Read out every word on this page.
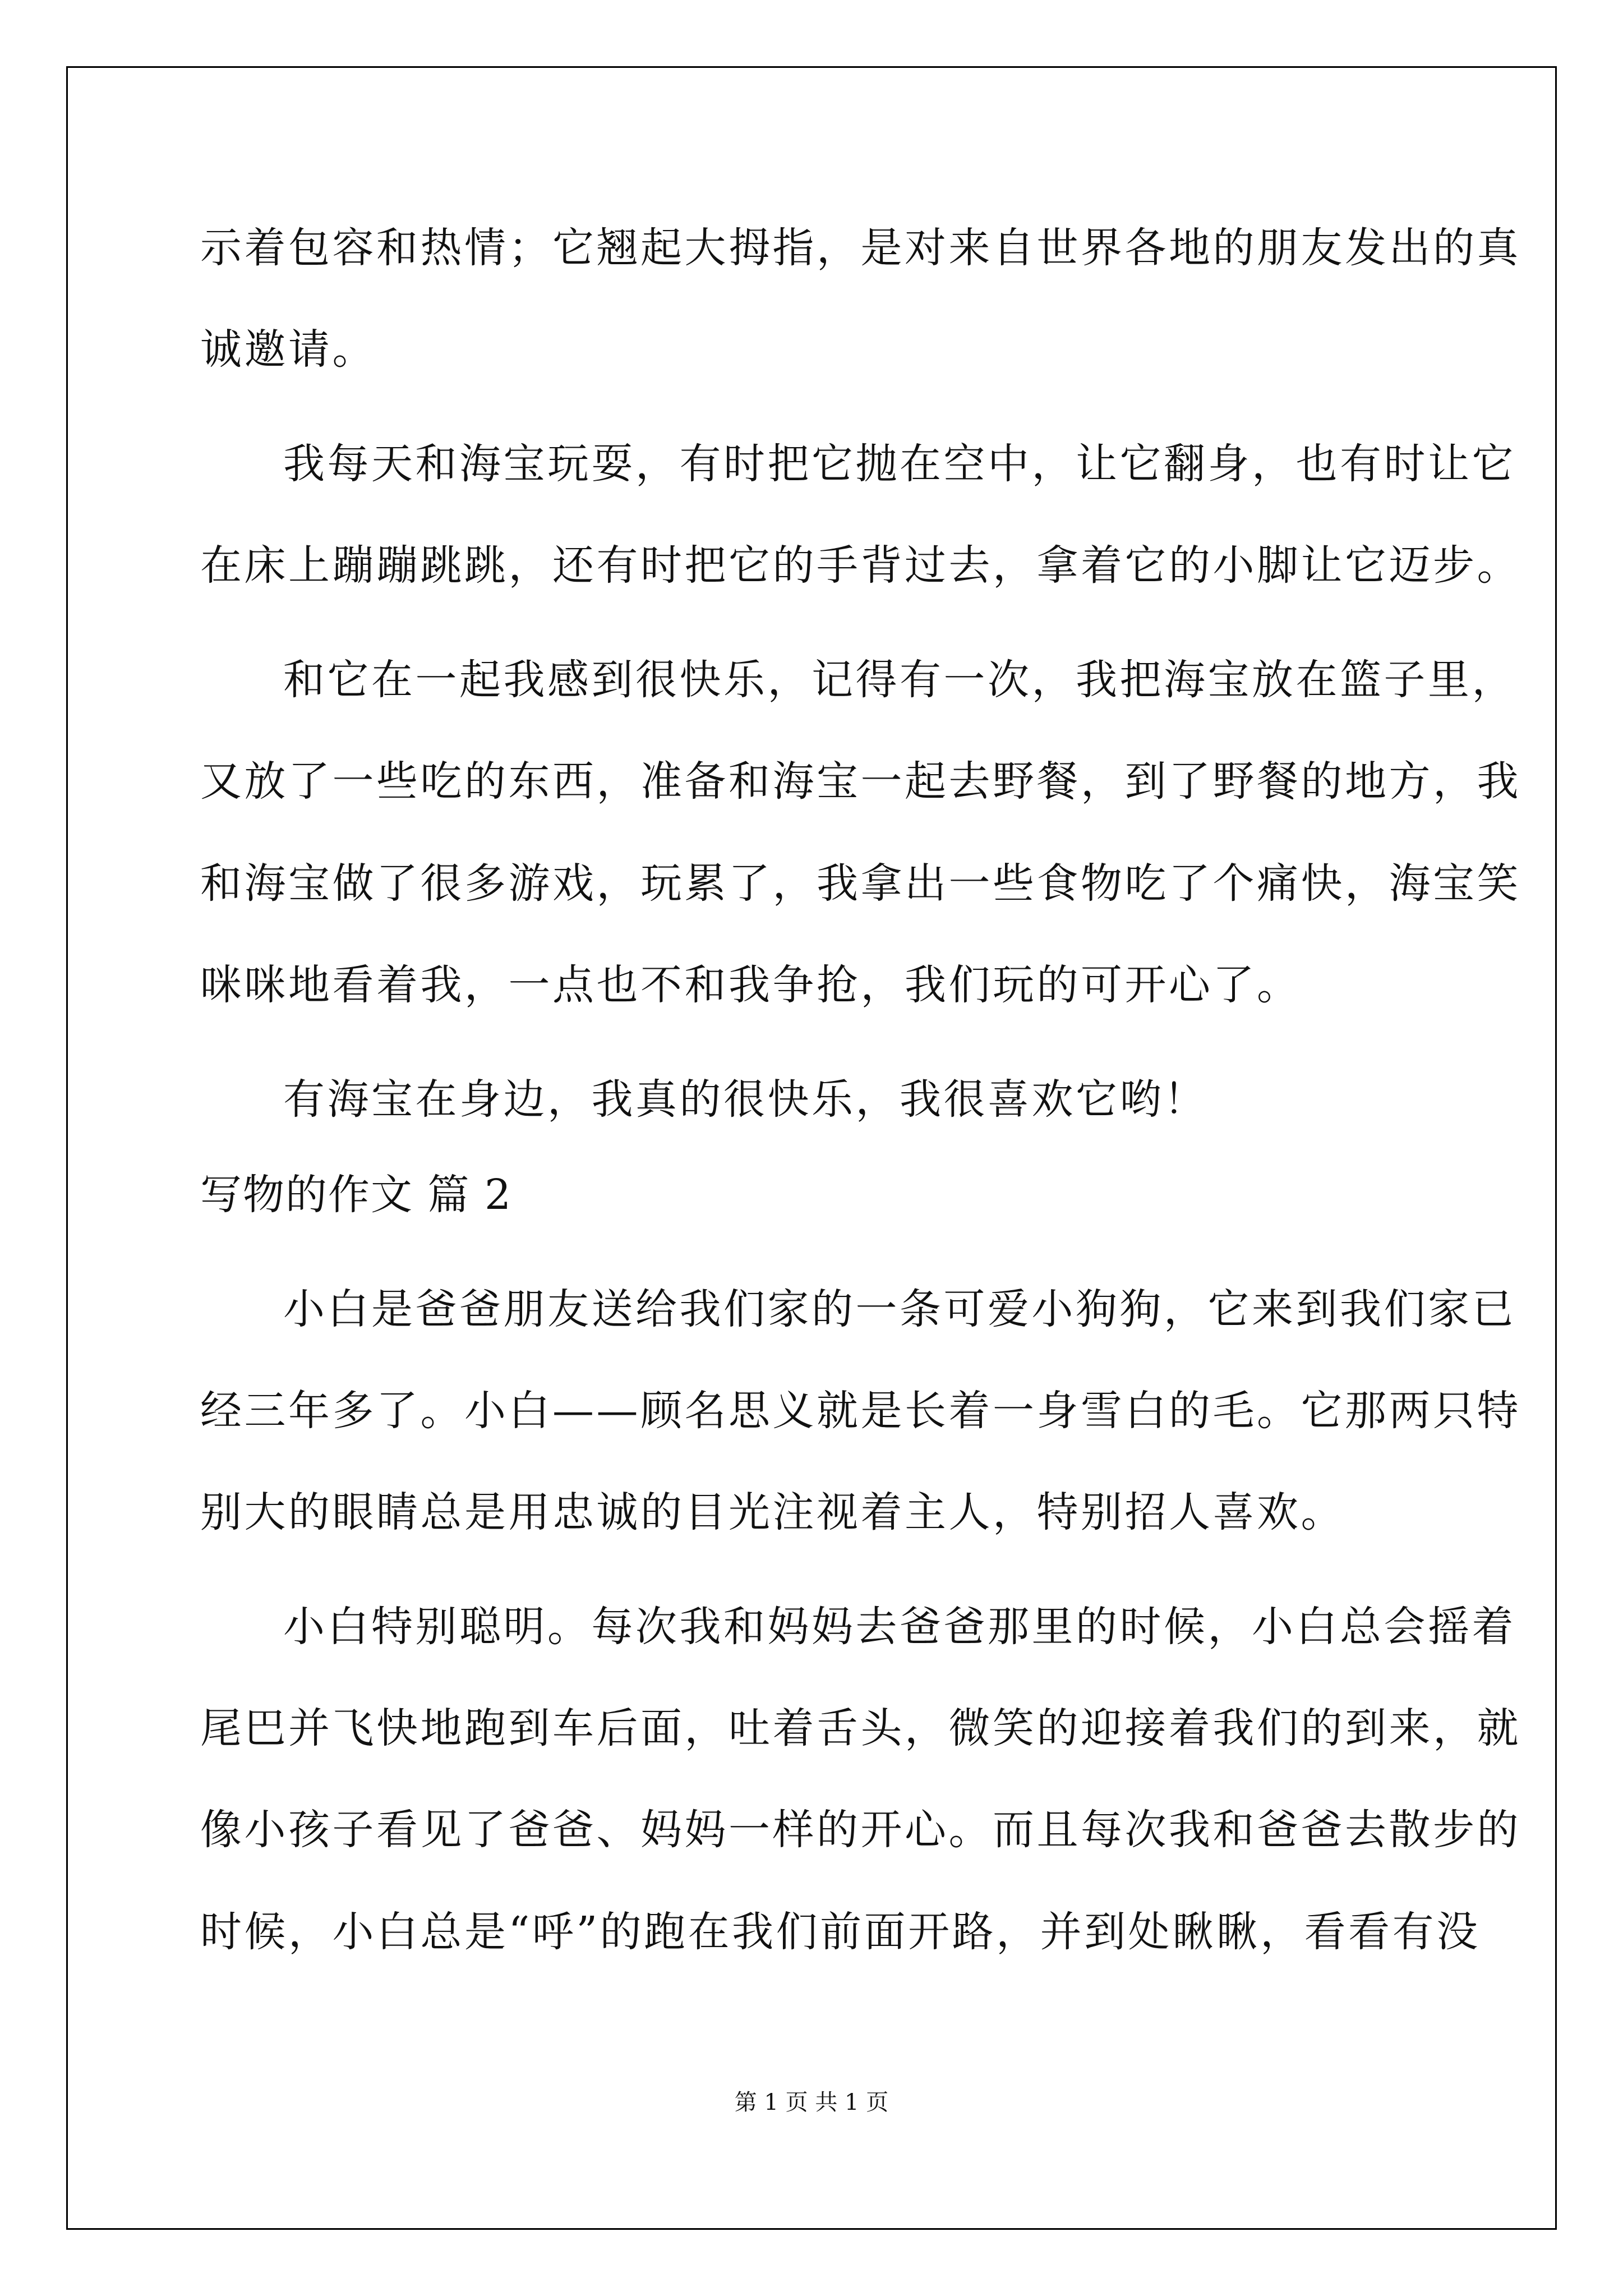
示着包容和热情；它翘起大拇指，是对来自世界各地的朋友发出的真

诚邀请。

我每天和海宝玩耍，有时把它抛在空中，让它翻身，也有时让它

在床上蹦蹦跳跳，还有时把它的手背过去，拿着它的小脚让它迈步。

和它在一起我感到很快乐，记得有一次，我把海宝放在篮子里，

又放了一些吃的东西，准备和海宝一起去野餐，到了野餐的地方，我

和海宝做了很多游戏，玩累了，我拿出一些食物吃了个痛快，海宝笑

咪咪地看着我，一点也不和我争抢，我们玩的可开心了。

有海宝在身边，我真的很快乐，我很喜欢它哟！

写物的作文 篇 2

小白是爸爸朋友送给我们家的一条可爱小狗狗，它来到我们家已

经三年多了。小白——顾名思义就是长着一身雪白的毛。它那两只特

别大的眼睛总是用忠诚的目光注视着主人，特别招人喜欢。

小白特别聪明。每次我和妈妈去爸爸那里的时候，小白总会摇着

尾巴并飞快地跑到车后面，吐着舌头，微笑的迎接着我们的到来，就

像小孩子看见了爸爸、妈妈一样的开心。而且每次我和爸爸去散步的

时候，小白总是“呼”的跑在我们前面开路，并到处瞅瞅，看看有没

第 1 页 共 1 页
